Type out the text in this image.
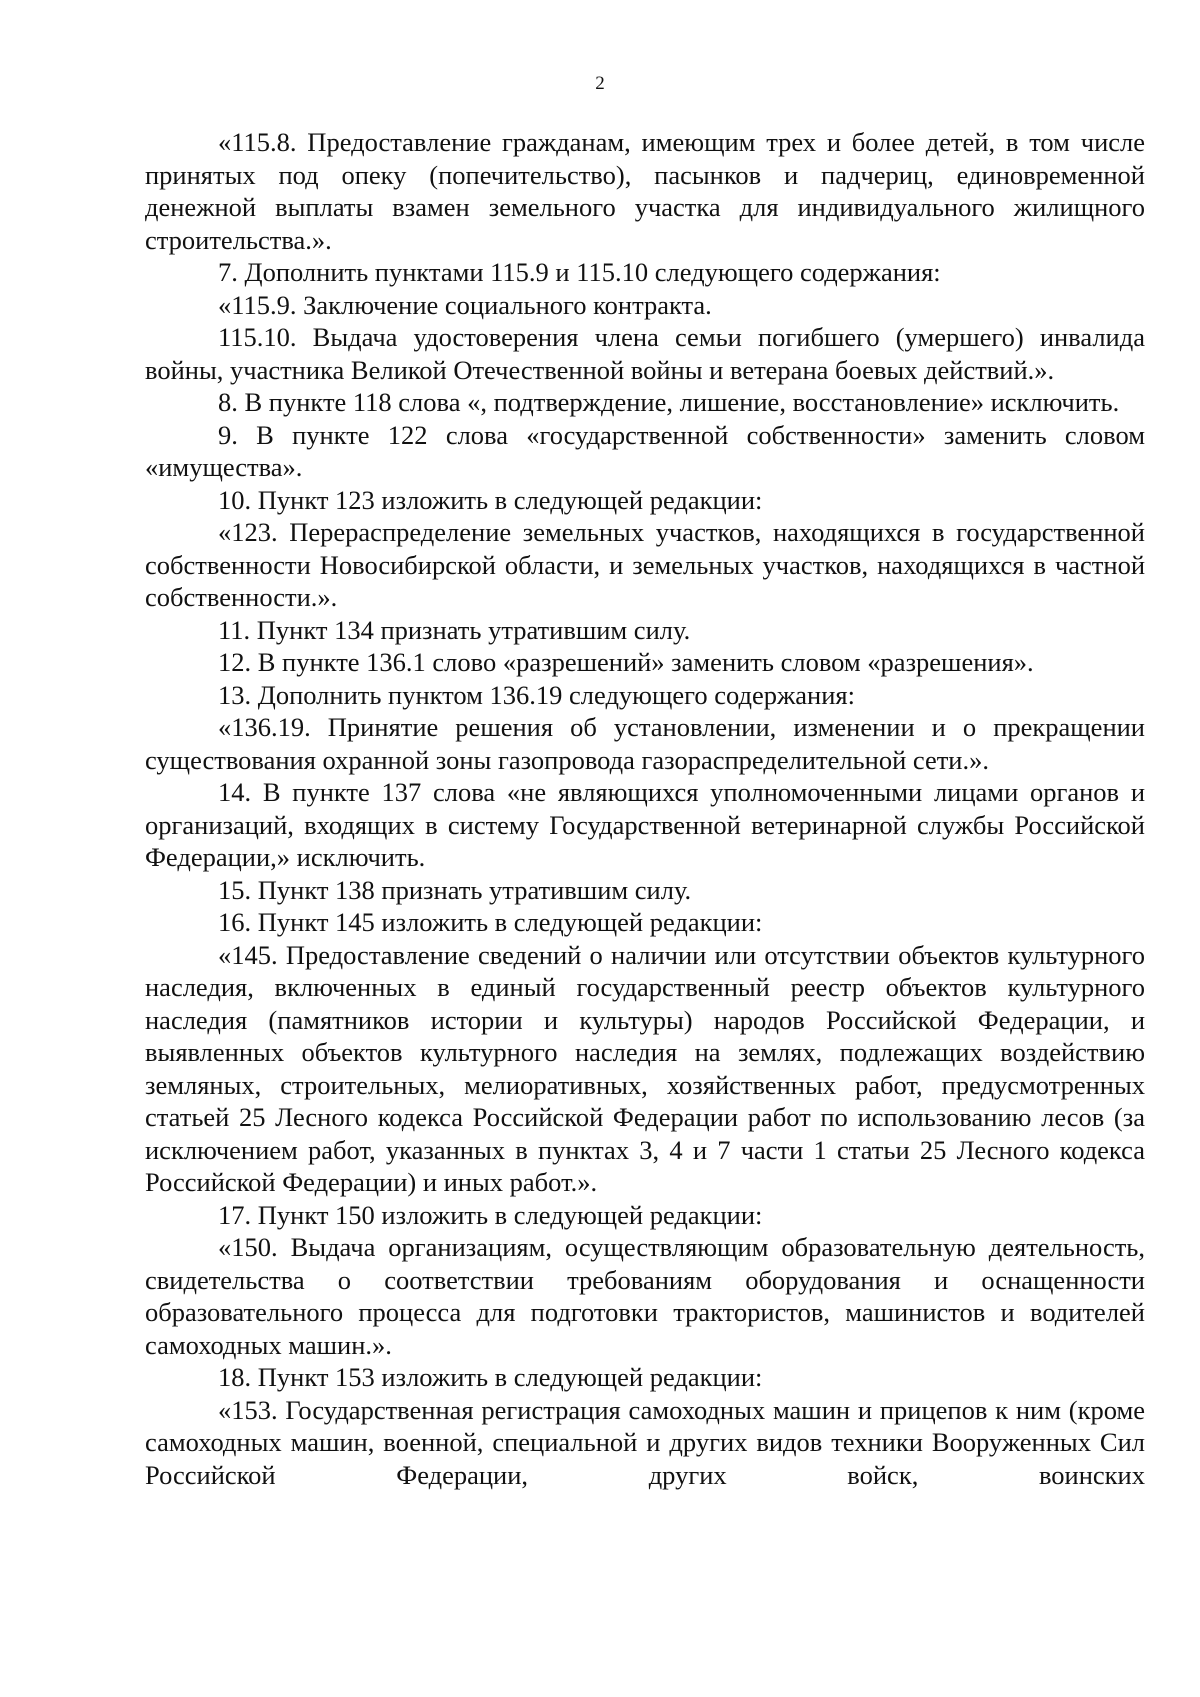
2

«115.8. Предоставление гражданам, имеющим трех и более детей, в том числе принятых под опеку (попечительство), пасынков и падчериц, единовременной денежной выплаты взамен земельного участка для индивидуального жилищного строительства.».

7. Дополнить пунктами 115.9 и 115.10 следующего содержания:

«115.9. Заключение социального контракта.

115.10. Выдача удостоверения члена семьи погибшего (умершего) инвалида войны, участника Великой Отечественной войны и ветерана боевых действий.».

8. В пункте 118 слова «, подтверждение, лишение, восстановление» исключить.

9. В пункте 122 слова «государственной собственности» заменить словом «имущества».

10. Пункт 123 изложить в следующей редакции:

«123. Перераспределение земельных участков, находящихся в государственной собственности Новосибирской области, и земельных участков, находящихся в частной собственности.».

11. Пункт 134 признать утратившим силу.

12. В пункте 136.1 слово «разрешений» заменить словом «разрешения».

13. Дополнить пунктом 136.19 следующего содержания:

«136.19. Принятие решения об установлении, изменении и о прекращении существования охранной зоны газопровода газораспределительной сети.».

14. В пункте 137 слова «не являющихся уполномоченными лицами органов и организаций, входящих в систему Государственной ветеринарной службы Российской Федерации,» исключить.

15. Пункт 138 признать утратившим силу.

16. Пункт 145 изложить в следующей редакции:

«145. Предоставление сведений о наличии или отсутствии объектов культурного наследия, включенных в единый государственный реестр объектов культурного наследия (памятников истории и культуры) народов Российской Федерации, и выявленных объектов культурного наследия на землях, подлежащих воздействию земляных, строительных, мелиоративных, хозяйственных работ, предусмотренных статьей 25 Лесного кодекса Российской Федерации работ по использованию лесов (за исключением работ, указанных в пунктах 3, 4 и 7 части 1 статьи 25 Лесного кодекса Российской Федерации) и иных работ.».

17. Пункт 150 изложить в следующей редакции:

«150. Выдача организациям, осуществляющим образовательную деятельность, свидетельства о соответствии требованиям оборудования и оснащенности образовательного процесса для подготовки трактористов, машинистов и водителей самоходных машин.».

18. Пункт 153 изложить в следующей редакции:

«153. Государственная регистрация самоходных машин и прицепов к ним (кроме самоходных машин, военной, специальной и других видов техники Вооруженных Сил Российской Федерации, других войск, воинских
